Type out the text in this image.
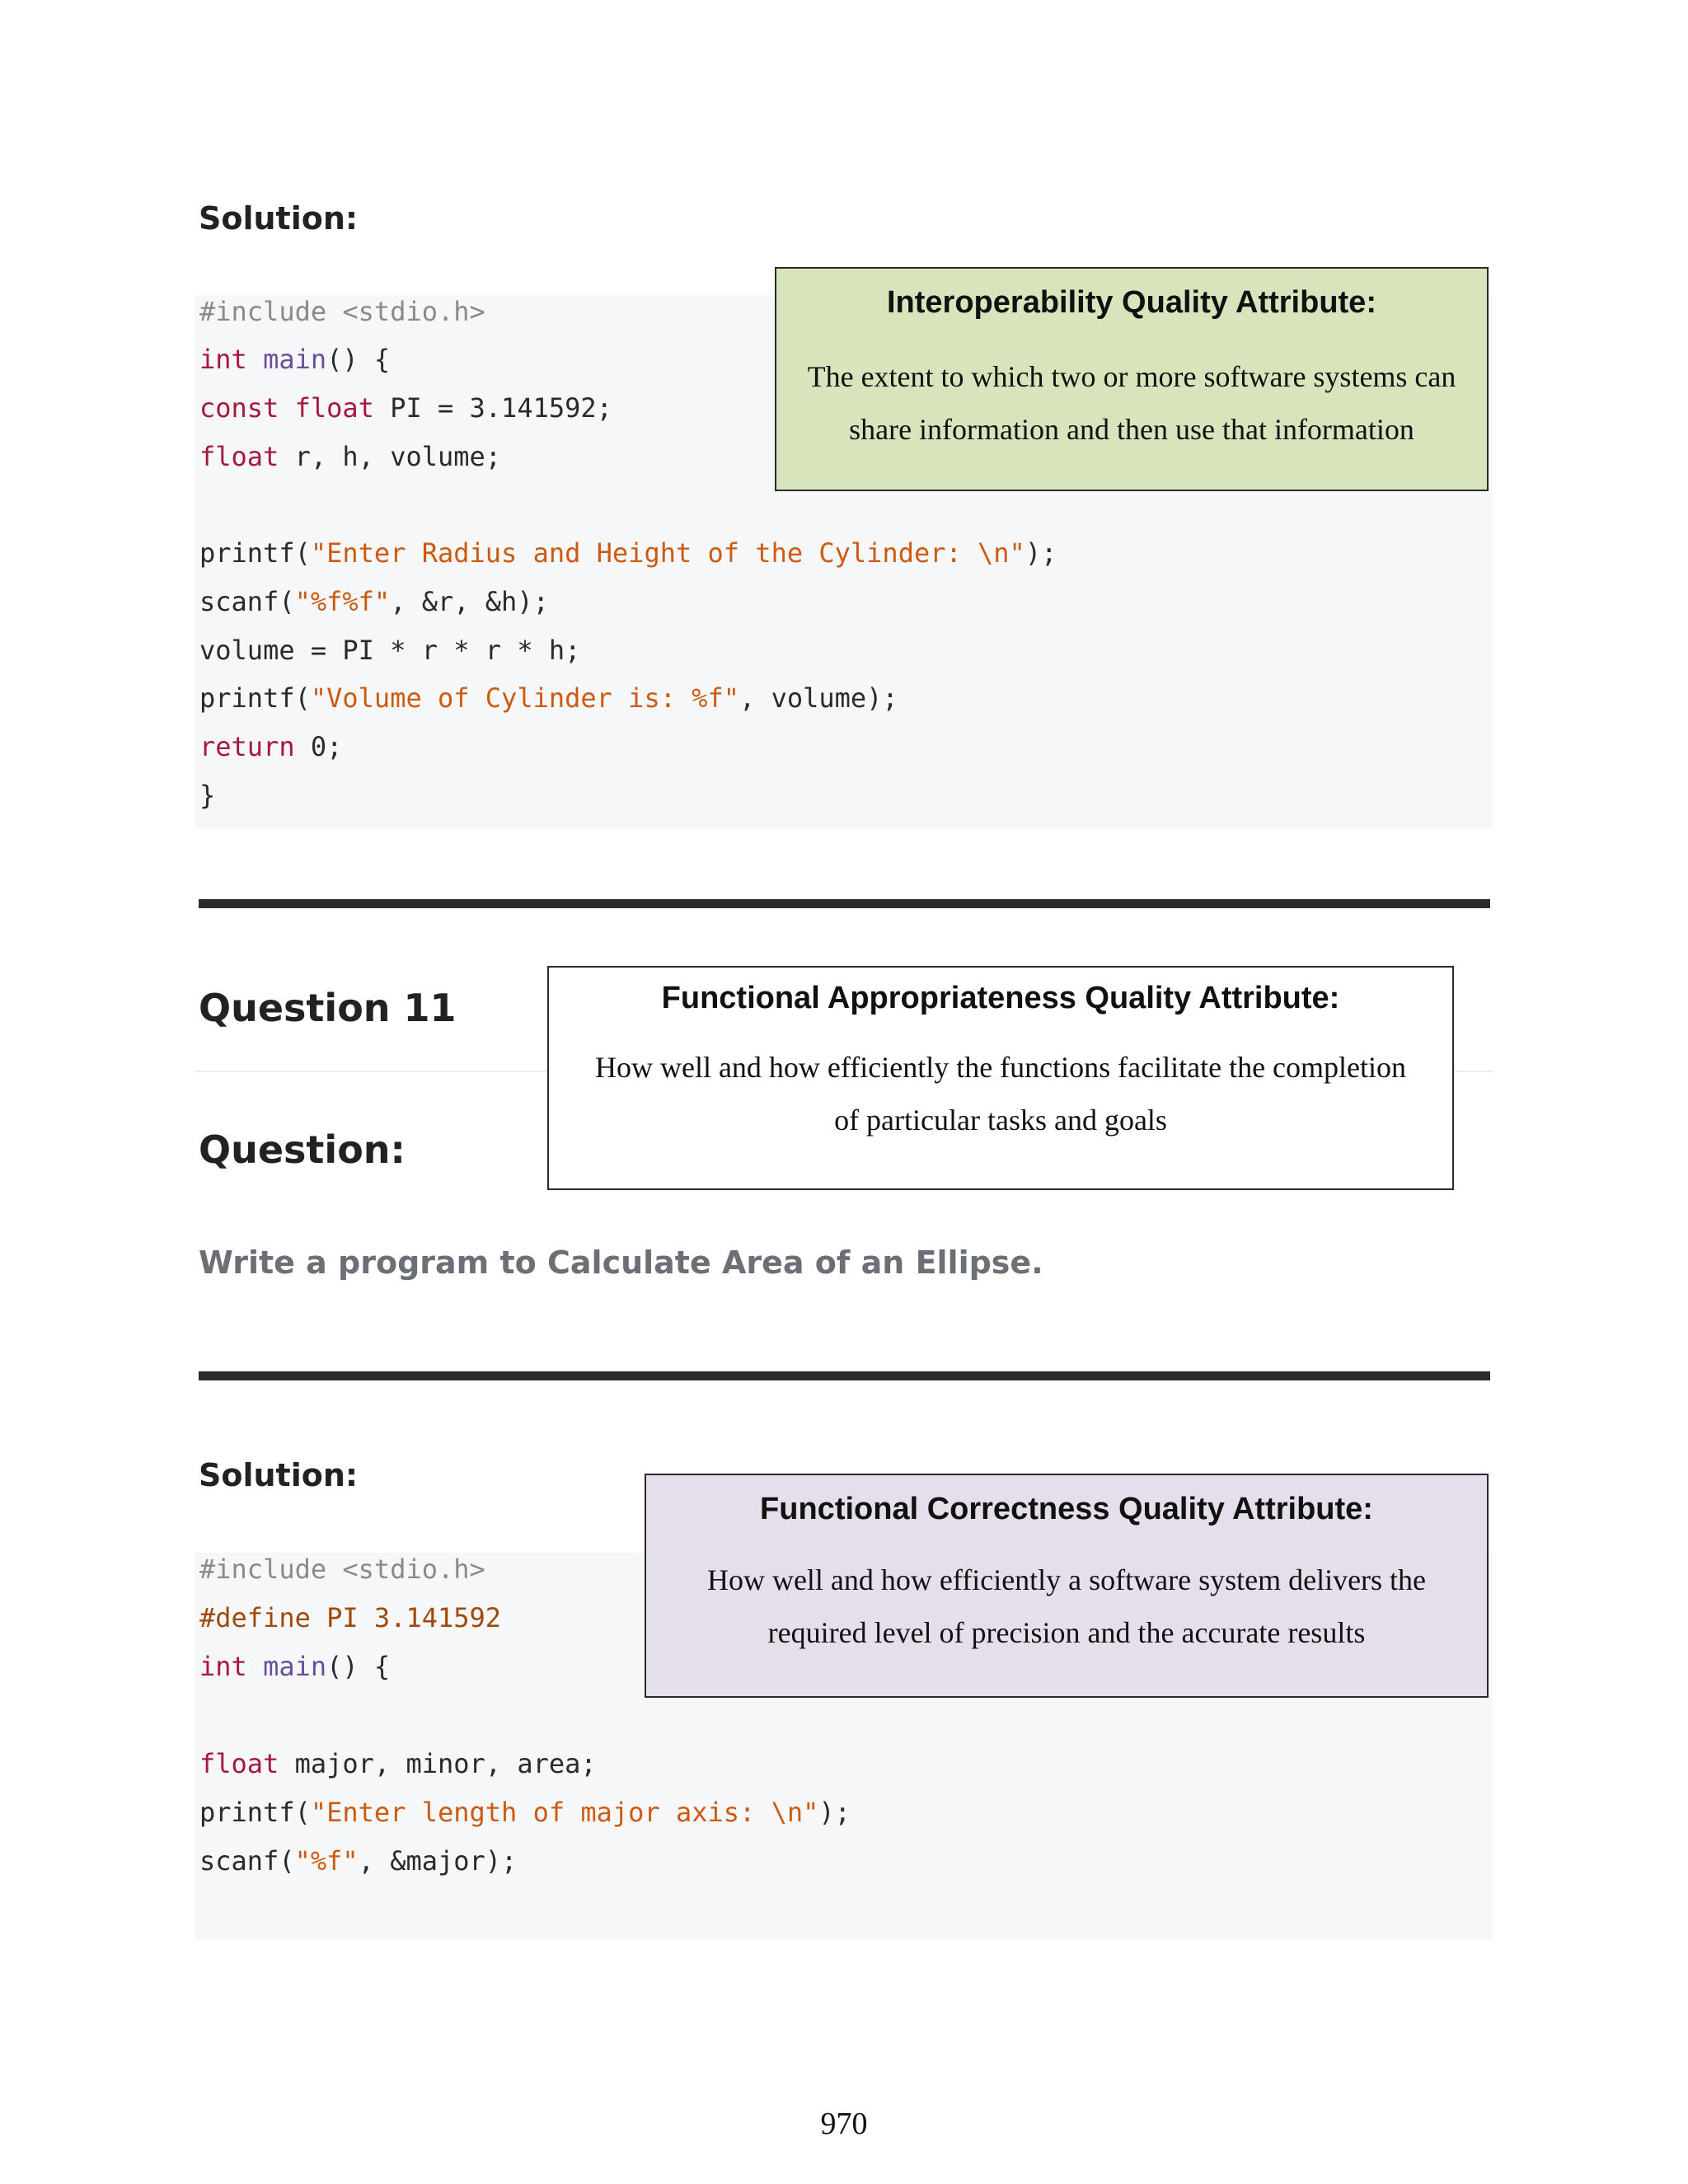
Solution:
#include <stdio.h>
int main() {
const float PI = 3.141592;
float r, h, volume;
printf("Enter Radius and Height of the Cylinder: \n");
scanf("%f%f", &r, &h);
volume = PI * r * r * h;
printf("Volume of Cylinder is: %f", volume);
return 0;
}
Interoperability Quality Attribute:
The extent to which two or more software systems can
share information and then use that information
Question 11
Question:
Write a program to Calculate Area of an Ellipse.
Functional Appropriateness Quality Attribute:
How well and how efficiently the functions facilitate the completion
of particular tasks and goals
Solution:
#include <stdio.h>
#define PI 3.141592
int main() {
float major, minor, area;
printf("Enter length of major axis: \n");
scanf("%f", &major);
Functional Correctness Quality Attribute:
How well and how efficiently a software system delivers the
required level of precision and the accurate results
970
